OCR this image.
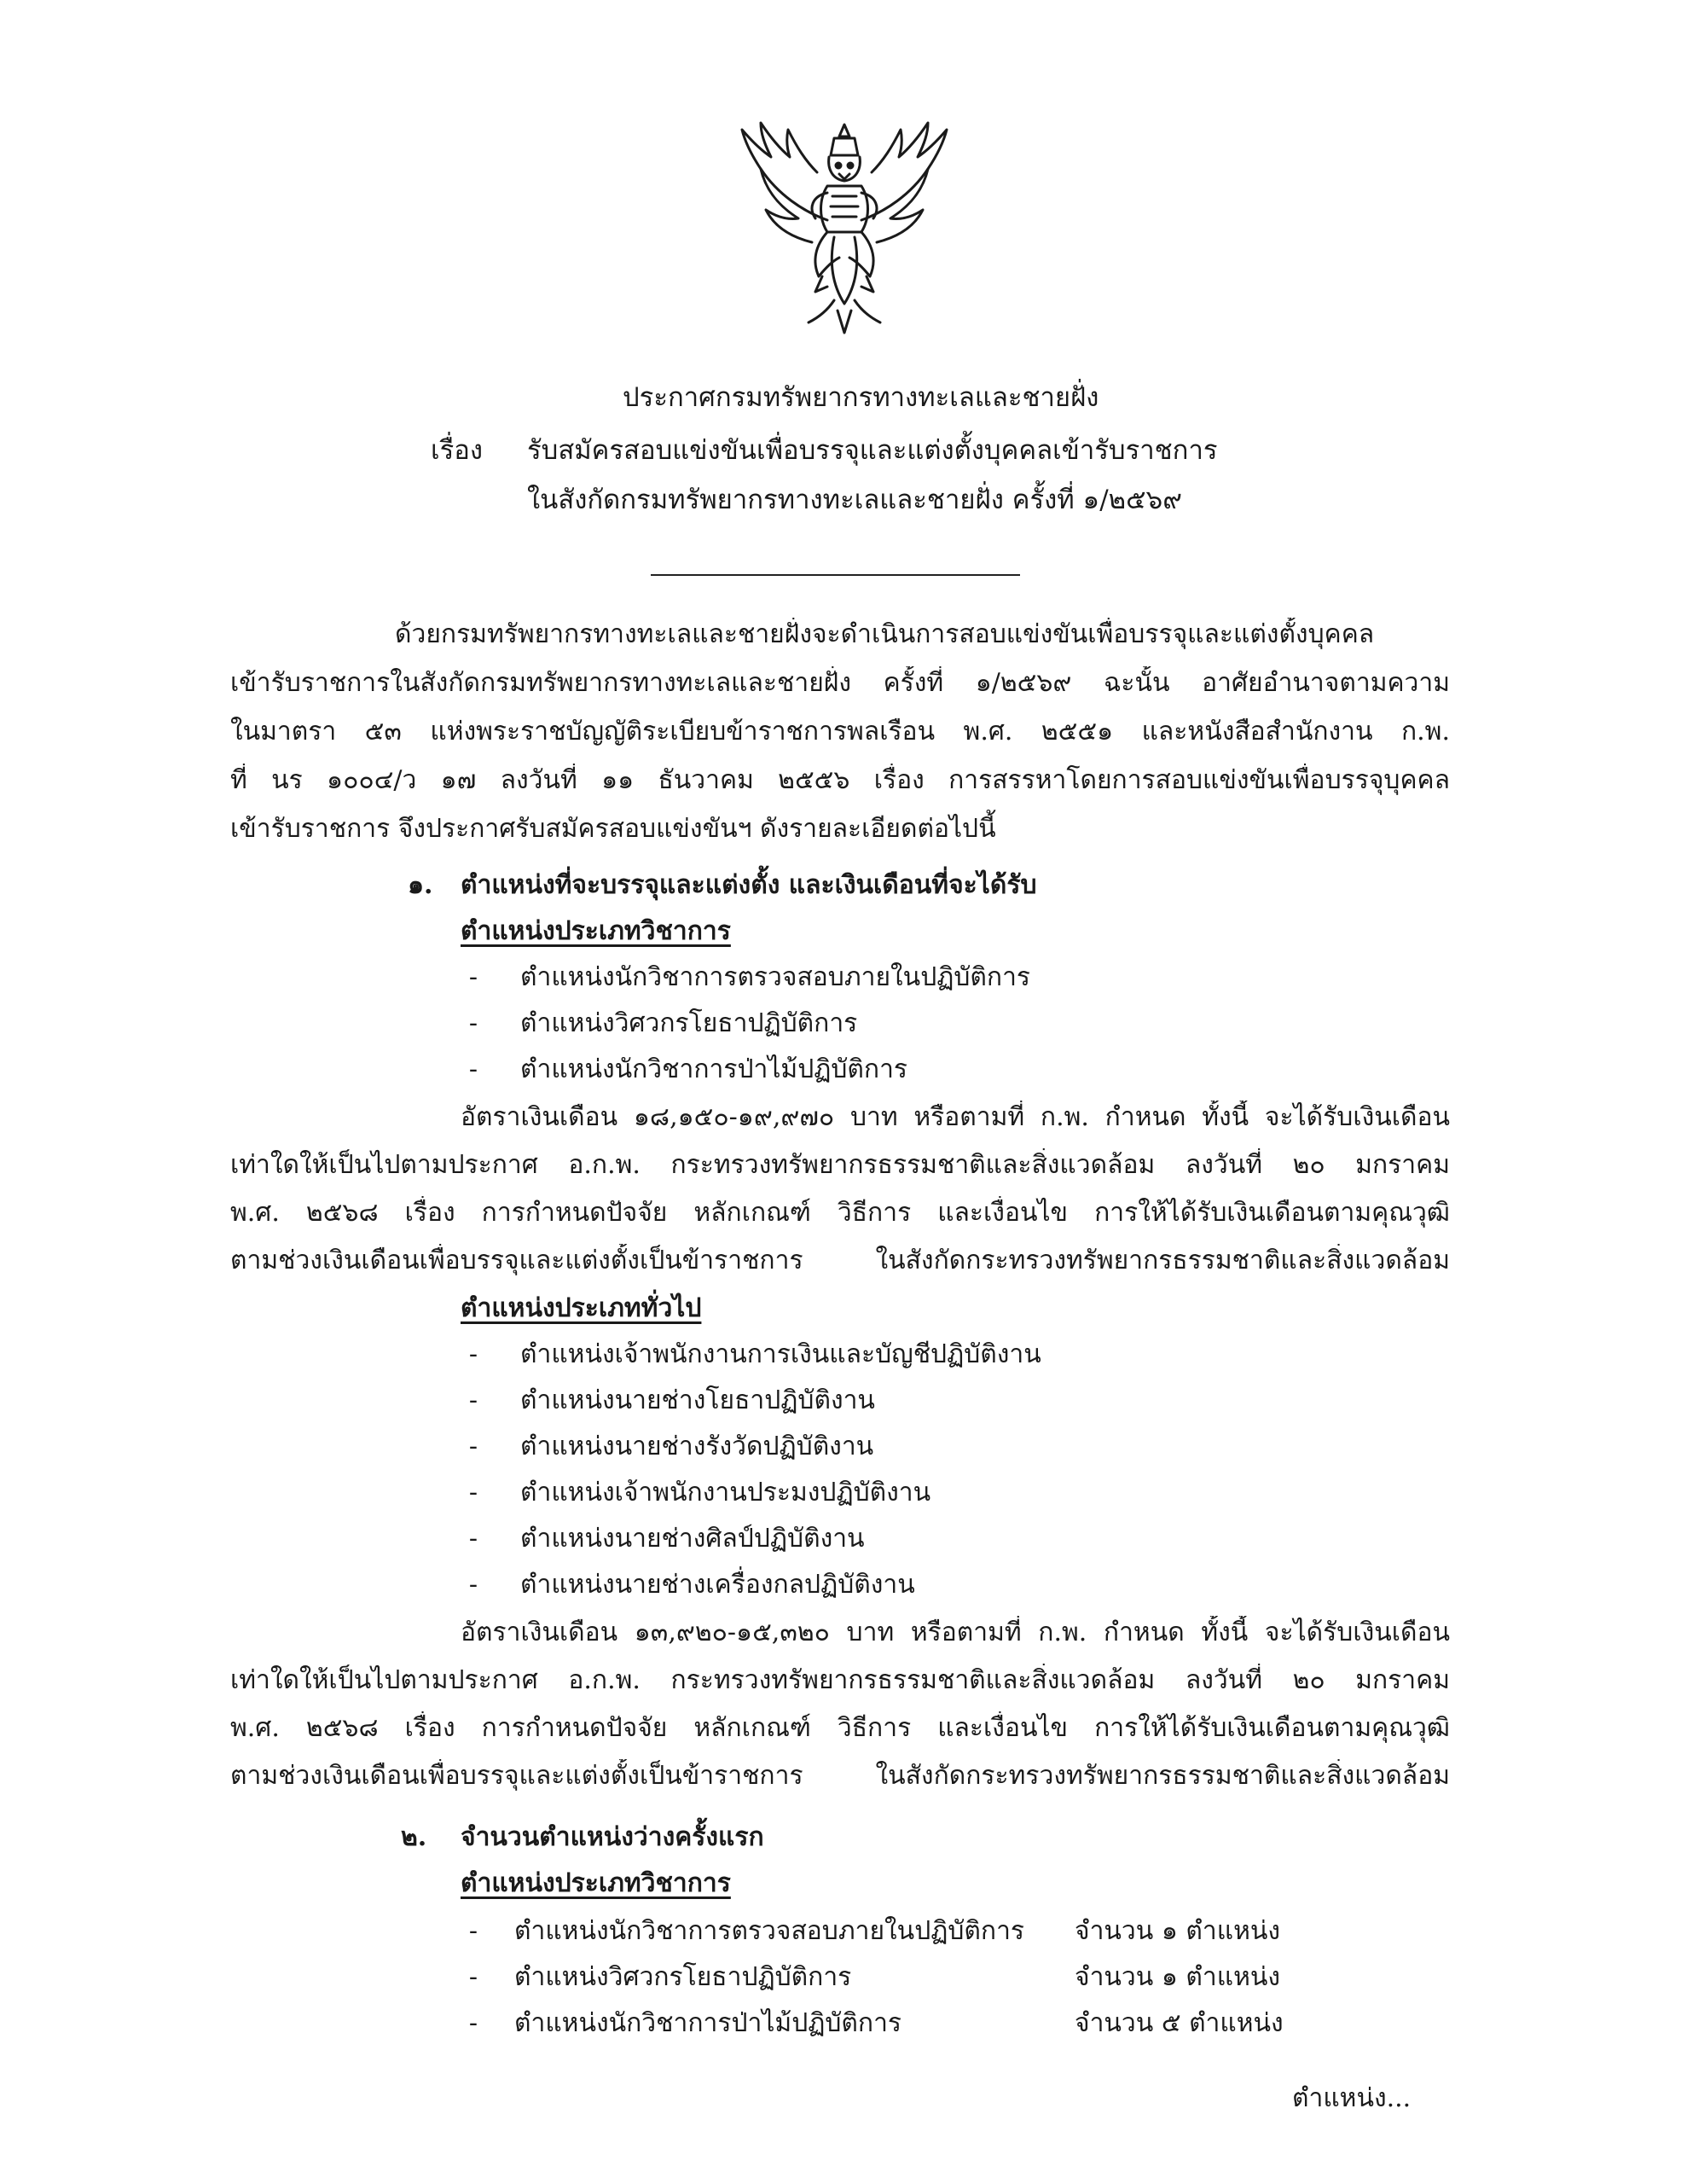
ประกาศกรมทรัพยากรทางทะเลและชายฝั่ง
เรื่อง รับสมัครสอบแข่งขันเพื่อบรรจุและแต่งตั้งบุคคลเข้ารับราชการ
ในสังกัดกรมทรัพยากรทางทะเลและชายฝั่ง ครั้งที่ ๑/๒๕๖๙
ด้วยกรมทรัพยากรทางทะเลและชายฝั่งจะดำเนินการสอบแข่งขันเพื่อบรรจุและแต่งตั้งบุคคล
เข้ารับราชการในสังกัดกรมทรัพยากรทางทะเลและชายฝั่ง ครั้งที่ ๑/๒๕๖๙ ฉะนั้น อาศัยอำนาจตามความ
ในมาตรา ๕๓ แห่งพระราชบัญญัติระเบียบข้าราชการพลเรือน พ.ศ. ๒๕๕๑ และหนังสือสำนักงาน ก.พ.
ที่ นร ๑๐๐๔/ว ๑๗ ลงวันที่ ๑๑ ธันวาคม ๒๕๕๖ เรื่อง การสรรหาโดยการสอบแข่งขันเพื่อบรรจุบุคคล
เข้ารับราชการ จึงประกาศรับสมัครสอบแข่งขันฯ ดังรายละเอียดต่อไปนี้
๑. ตำแหน่งที่จะบรรจุและแต่งตั้ง และเงินเดือนที่จะได้รับ
ตำแหน่งประเภทวิชาการ
- ตำแหน่งนักวิชาการตรวจสอบภายในปฏิบัติการ
- ตำแหน่งวิศวกรโยธาปฏิบัติการ
- ตำแหน่งนักวิชาการป่าไม้ปฏิบัติการ
อัตราเงินเดือน ๑๘,๑๕๐-๑๙,๙๗๐ บาท หรือตามที่ ก.พ. กำหนด ทั้งนี้ จะได้รับเงินเดือน
เท่าใดให้เป็นไปตามประกาศ อ.ก.พ. กระทรวงทรัพยากรธรรมชาติและสิ่งแวดล้อม ลงวันที่ ๒๐ มกราคม
พ.ศ. ๒๕๖๘ เรื่อง การกำหนดปัจจัย หลักเกณฑ์ วิธีการ และเงื่อนไข การให้ได้รับเงินเดือนตามคุณวุฒิ
ตามช่วงเงินเดือนเพื่อบรรจุและแต่งตั้งเป็นข้าราชการ ในสังกัดกระทรวงทรัพยากรธรรมชาติและสิ่งแวดล้อม
ตำแหน่งประเภททั่วไป
- ตำแหน่งเจ้าพนักงานการเงินและบัญชีปฏิบัติงาน
- ตำแหน่งนายช่างโยธาปฏิบัติงาน
- ตำแหน่งนายช่างรังวัดปฏิบัติงาน
- ตำแหน่งเจ้าพนักงานประมงปฏิบัติงาน
- ตำแหน่งนายช่างศิลป์ปฏิบัติงาน
- ตำแหน่งนายช่างเครื่องกลปฏิบัติงาน
อัตราเงินเดือน ๑๓,๙๒๐-๑๕,๓๒๐ บาท หรือตามที่ ก.พ. กำหนด ทั้งนี้ จะได้รับเงินเดือน
เท่าใดให้เป็นไปตามประกาศ อ.ก.พ. กระทรวงทรัพยากรธรรมชาติและสิ่งแวดล้อม ลงวันที่ ๒๐ มกราคม
พ.ศ. ๒๕๖๘ เรื่อง การกำหนดปัจจัย หลักเกณฑ์ วิธีการ และเงื่อนไข การให้ได้รับเงินเดือนตามคุณวุฒิ
ตามช่วงเงินเดือนเพื่อบรรจุและแต่งตั้งเป็นข้าราชการ ในสังกัดกระทรวงทรัพยากรธรรมชาติและสิ่งแวดล้อม
๒. จำนวนตำแหน่งว่างครั้งแรก
ตำแหน่งประเภทวิชาการ
- ตำแหน่งนักวิชาการตรวจสอบภายในปฏิบัติการ จำนวน ๑ ตำแหน่ง
- ตำแหน่งวิศวกรโยธาปฏิบัติการ	จำนวน ๑ ตำแหน่ง
- ตำแหน่งนักวิชาการป่าไม้ปฏิบัติการ	จำนวน ๕ ตำแหน่ง
ตำแหน่ง...
